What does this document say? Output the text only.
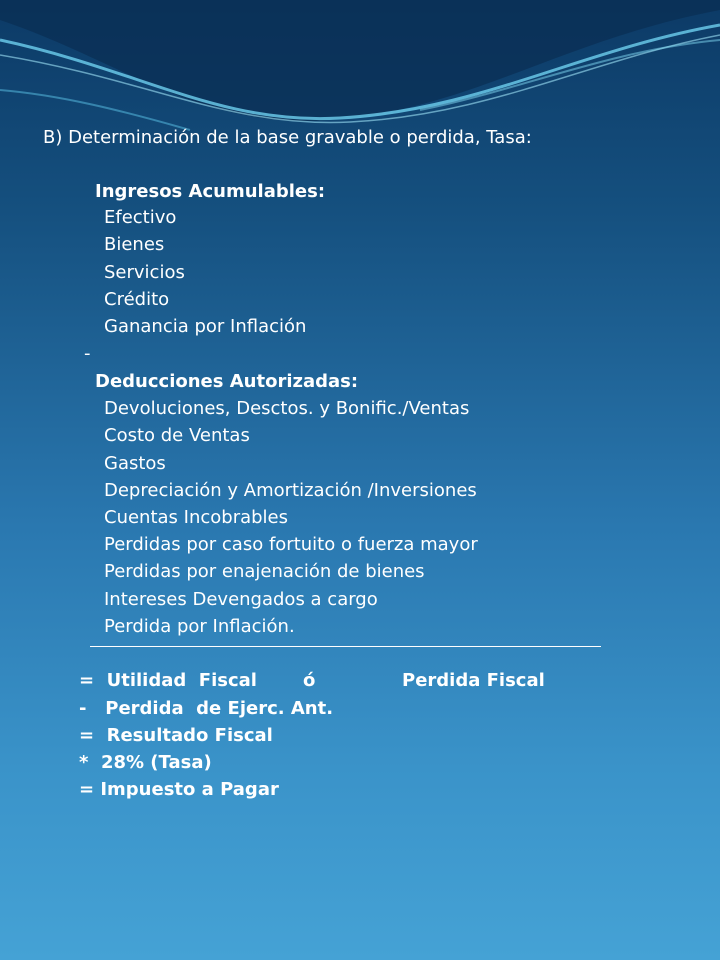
B) Determinación de la base gravable o perdida, Tasa:
Ingresos Acumulables:
Efectivo
Bienes
Servicios
Crédito
Ganancia por Inflación
-
Deducciones Autorizadas:
Devoluciones, Desctos. y Bonific./Ventas
Costo de Ventas
Gastos
Depreciación y Amortización /Inversiones
Cuentas Incobrables
Perdidas por caso fortuito o fuerza mayor
Perdidas por enajenación de bienes
Intereses Devengados a cargo
Perdida por Inflación.
=  Utilidad  Fiscal	ó	Perdida Fiscal
-   Perdida  de Ejerc. Ant.
=  Resultado Fiscal
*  28% (Tasa)
= Impuesto a Pagar
